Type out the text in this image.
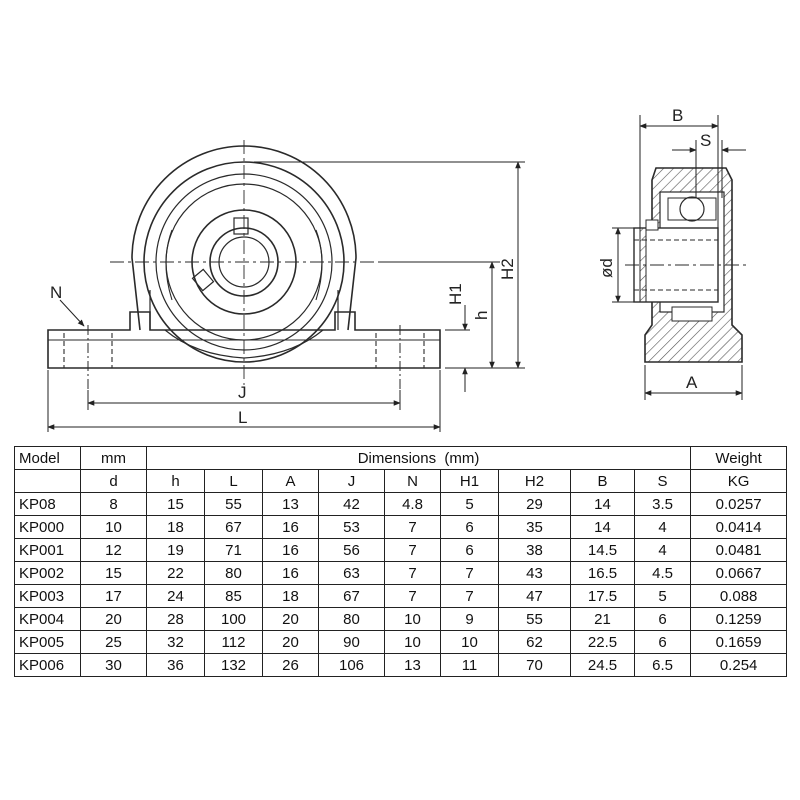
N
J
L
H2
h
H1
B
S
ød
A
Model	mm	Dimensions  (mm)									Weight
	d	h	L	A	J	N	H1	H2	B	S	KG
KP08	8	15	55	13	42	4.8	5	29	14	3.5	0.0257
KP000	10	18	67	16	53	7	6	35	14	4	0.0414
KP001	12	19	71	16	56	7	6	38	14.5	4	0.0481
KP002	15	22	80	16	63	7	7	43	16.5	4.5	0.0667
KP003	17	24	85	18	67	7	7	47	17.5	5	0.088
KP004	20	28	100	20	80	10	9	55	21	6	0.1259
KP005	25	32	112	20	90	10	10	62	22.5	6	0.1659
KP006	30	36	132	26	106	13	11	70	24.5	6.5	0.254
